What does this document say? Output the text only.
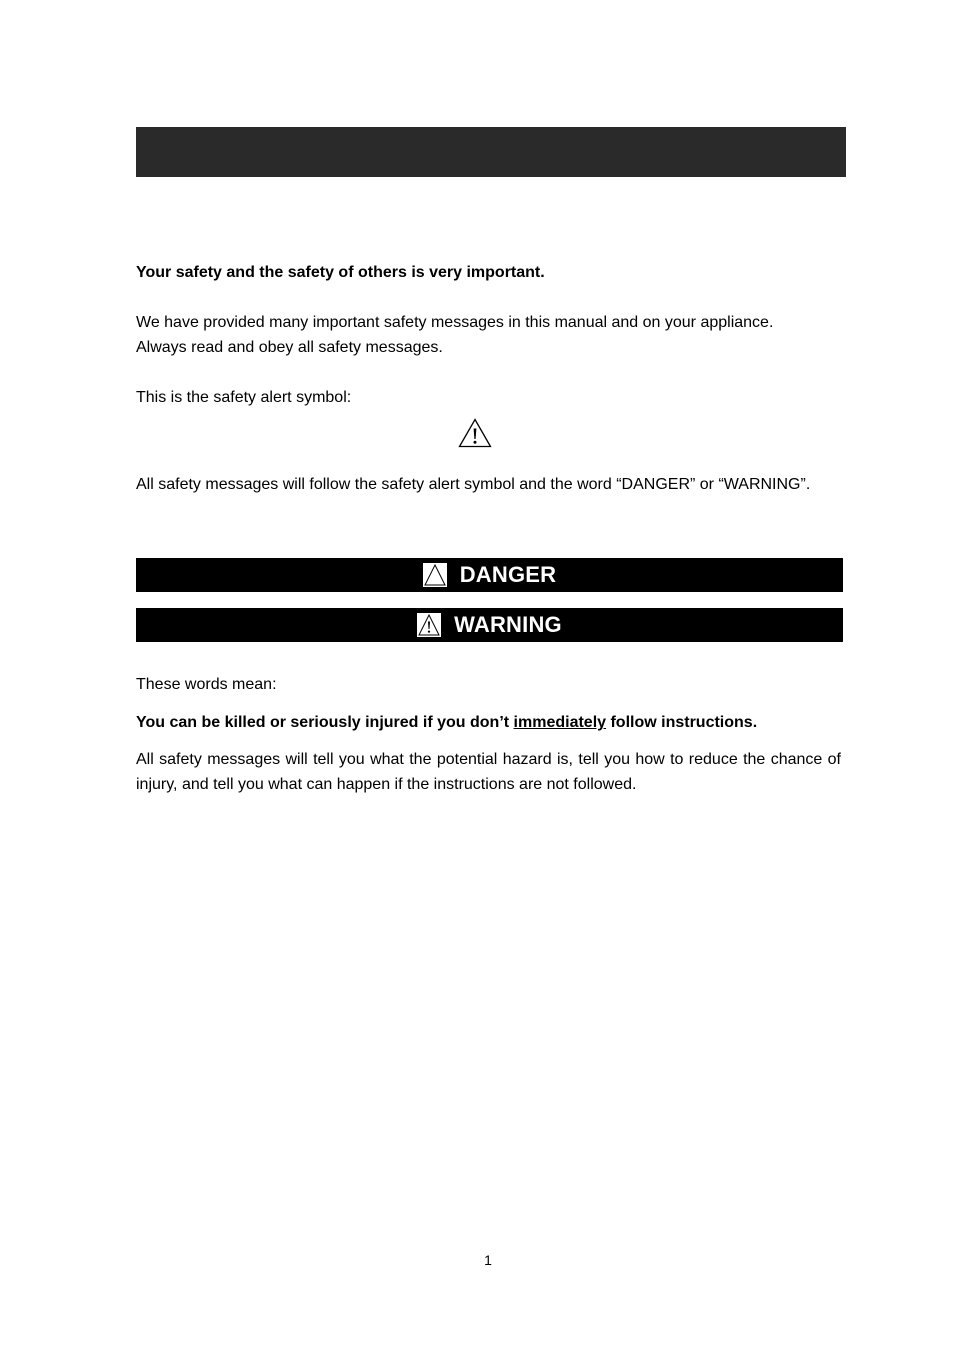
Your safety and the safety of others is very important.
We have provided many important safety messages in this manual and on your appliance.
Always read and obey all safety messages.
This is the safety alert symbol:
All safety messages will follow the safety alert symbol and the word “DANGER” or “WARNING”.
DANGER
WARNING
These words mean:
You can be killed or seriously injured if you don’t immediately follow instructions.
All safety messages will tell you what the potential hazard is, tell you how to reduce the chance of injury, and tell you what can happen if the instructions are not followed.
1
